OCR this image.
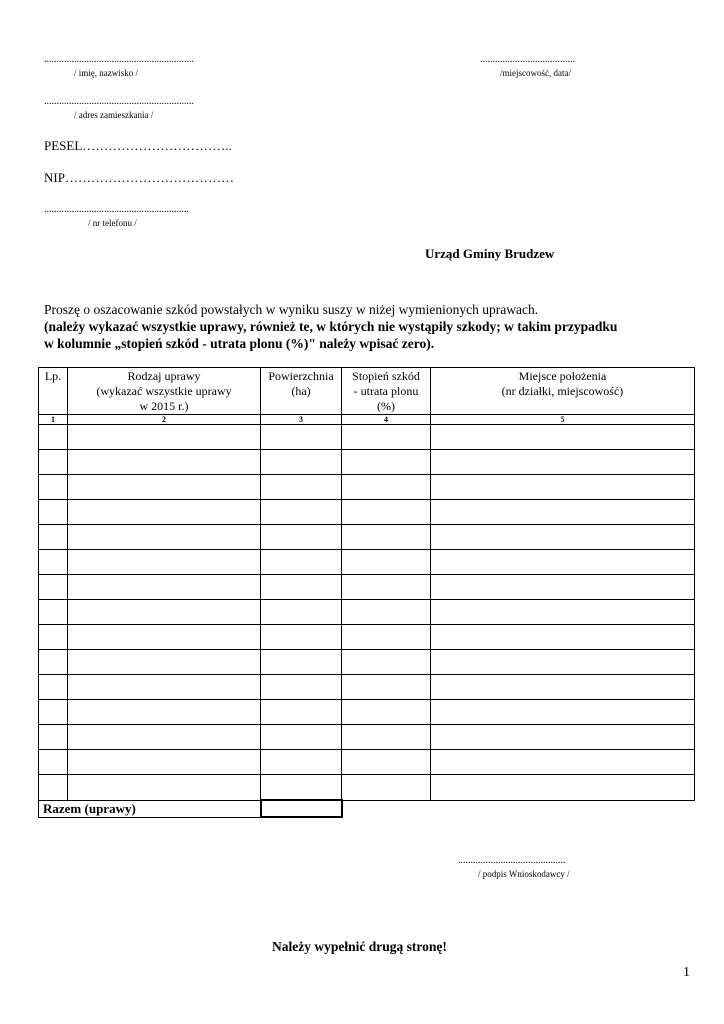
............................................................
/ imię, nazwisko /
......................................
/miejscowość, data/
............................................................
/ adres zamieszkania /
PESEL……………………………..
NIP…………………………………
..........................................................
/ nr telefonu /
Urząd Gminy Brudzew
Proszę o oszacowanie szkód powstałych w wyniku suszy w niżej wymienionych uprawach.
(należy wykazać wszystkie uprawy, również te, w których nie wystąpiły szkody; w takim przypadku
w kolumnie „stopień szkód - utrata plonu (%)" należy wpisać zero).
Lp.	Rodzaj uprawy
(wykazać wszystkie uprawy
w 2015 r.)	Powierzchnia
(ha)	Stopień szkód
- utrata plonu
(%)	Miejsce położenia
(nr działki, miejscowość)
1	2	3	4	5

Razem (uprawy)				
...........................................
/ podpis Wnioskodawcy /
Należy wypełnić drugą stronę!
1
